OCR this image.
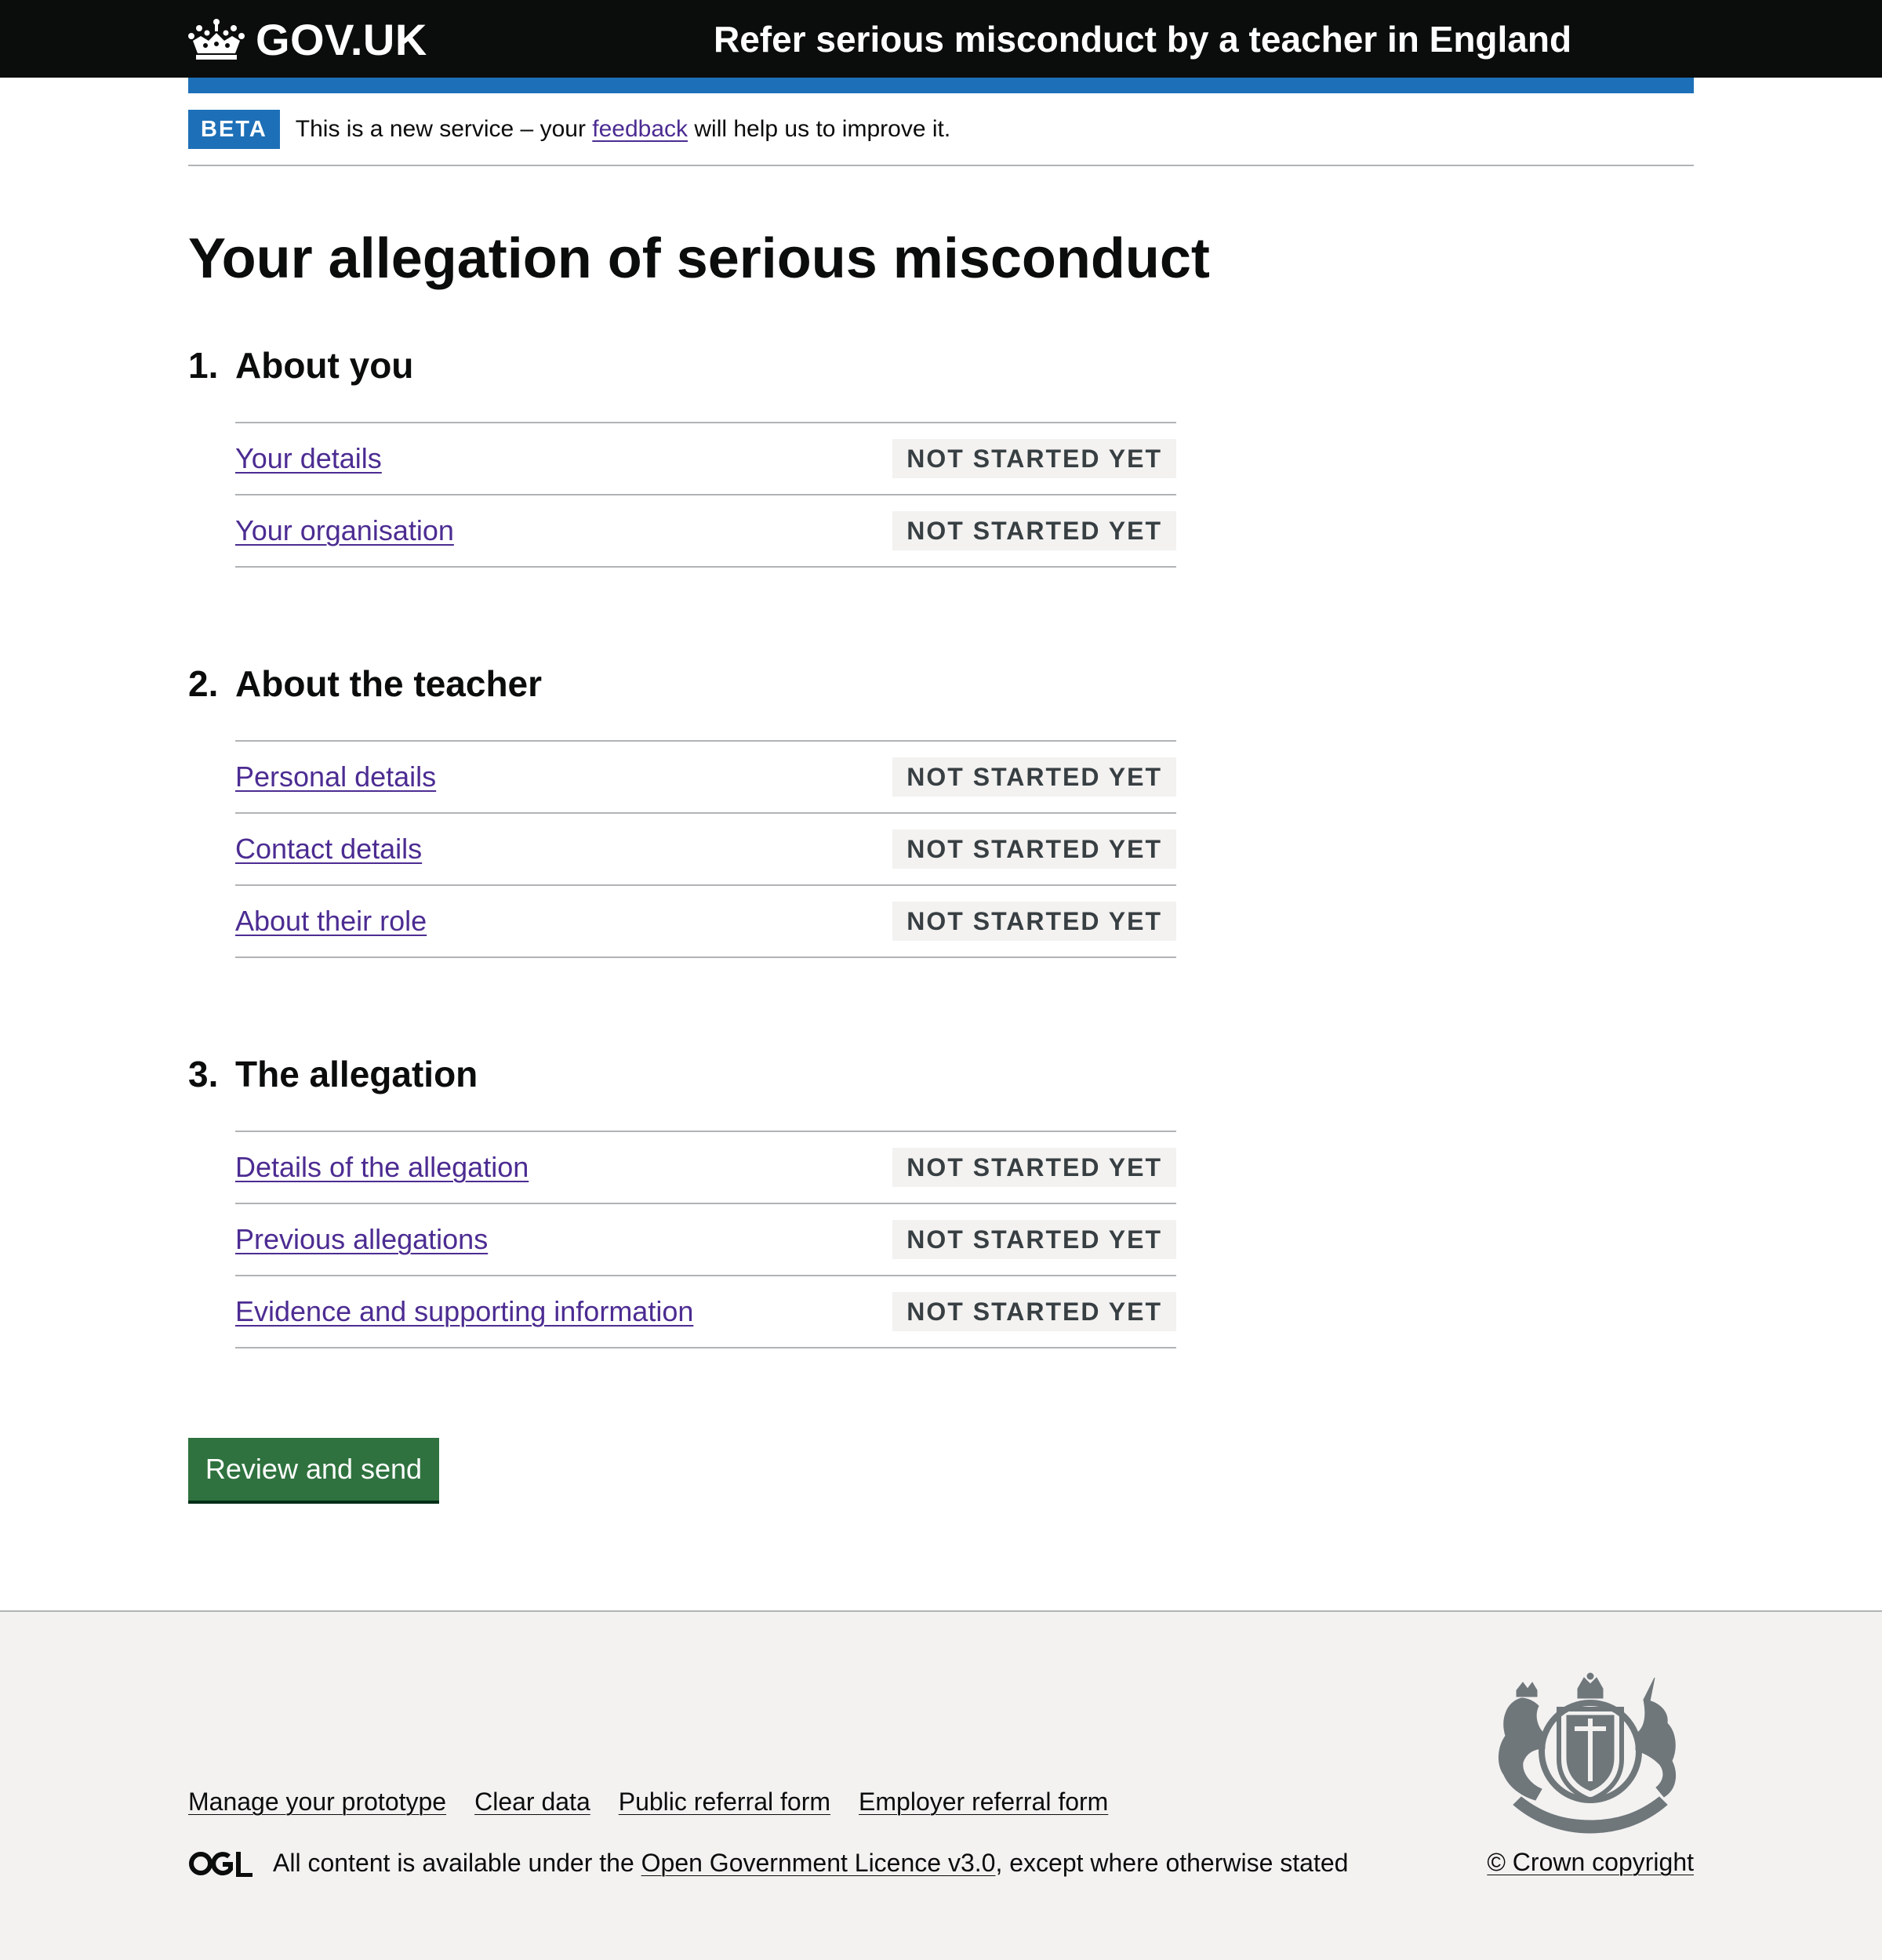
GOV.UK	Refer serious misconduct by a teacher in England
BETA	This is a new service – your feedback will help us to improve it.
Your allegation of serious misconduct
1. About you
Your details	NOT STARTED YET
Your organisation	NOT STARTED YET
2. About the teacher
Personal details	NOT STARTED YET
Contact details	NOT STARTED YET
About their role	NOT STARTED YET
3. The allegation
Details of the allegation	NOT STARTED YET
Previous allegations	NOT STARTED YET
Evidence and supporting information	NOT STARTED YET
Review and send
Manage your prototype Clear data Public referral form Employer referral form
All content is available under the Open Government Licence v3.0, except where otherwise stated	© Crown copyright
